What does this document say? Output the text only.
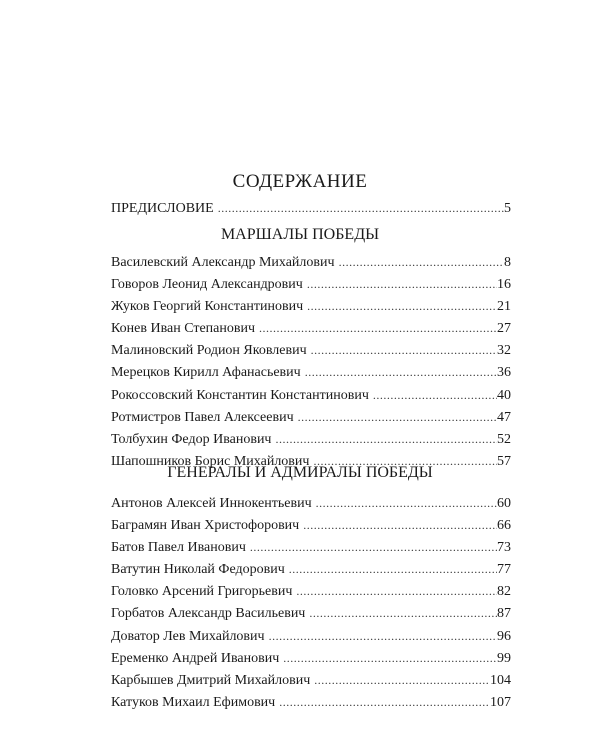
СОДЕРЖАНИЕ
ПРЕДИСЛОВИЕ .....	5
МАРШАЛЫ ПОБЕДЫ
Василевский Александр Михайлович .....	8
Говоров Леонид Александрович .....	16
Жуков Георгий Константинович .....	21
Конев Иван Степанович .....	27
Малиновский Родион Яковлевич .....	32
Мерецков Кирилл Афанасьевич .....	36
Рокоссовский Константин Константинович .....	40
Ротмистров Павел Алексеевич .....	47
Толбухин Федор Иванович .....	52
Шапошников Борис Михайлович .....	57
ГЕНЕРАЛЫ И АДМИРАЛЫ ПОБЕДЫ
Антонов Алексей Иннокентьевич .....	60
Баграмян Иван Христофорович .....	66
Батов Павел Иванович .....	73
Ватутин Николай Федорович .....	77
Головко Арсений Григорьевич .....	82
Горбатов Александр Васильевич .....	87
Доватор Лев Михайлович .....	96
Еременко Андрей Иванович .....	99
Карбышев Дмитрий Михайлович .....	104
Катуков Михаил Ефимович .....	107
